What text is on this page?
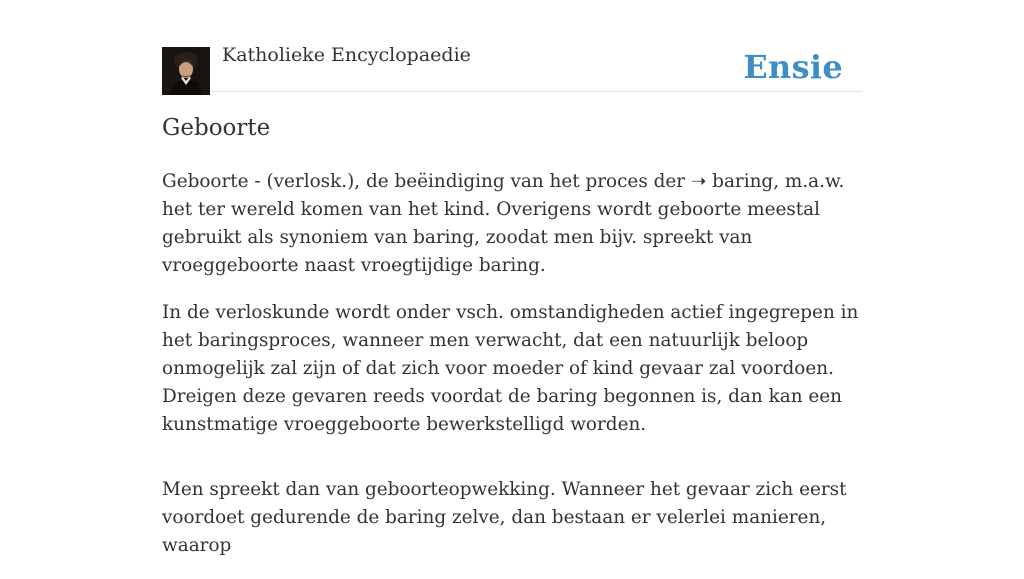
Katholieke Encyclopaedie	Ensie
Geboorte

Geboorte - (verlosk.), de beëindiging van het proces der ➝ baring, m.a.w. het ter wereld komen van het kind. Overigens wordt geboorte meestal gebruikt als synoniem van baring, zoodat men bijv. spreekt van vroeggeboorte naast vroegtijdige baring.

In de verloskunde wordt onder vsch. omstandigheden actief ingegrepen in het baringsproces, wanneer men verwacht, dat een natuurlijk beloop onmogelijk zal zijn of dat zich voor moeder of kind gevaar zal voordoen. Dreigen deze gevaren reeds voordat de baring begonnen is, dan kan een kunstmatige vroeggeboorte bewerkstelligd worden.

Men spreekt dan van geboorteopwekking. Wanneer het gevaar zich eerst voordoet gedurende de baring zelve, dan bestaan er velerlei manieren, waarop
